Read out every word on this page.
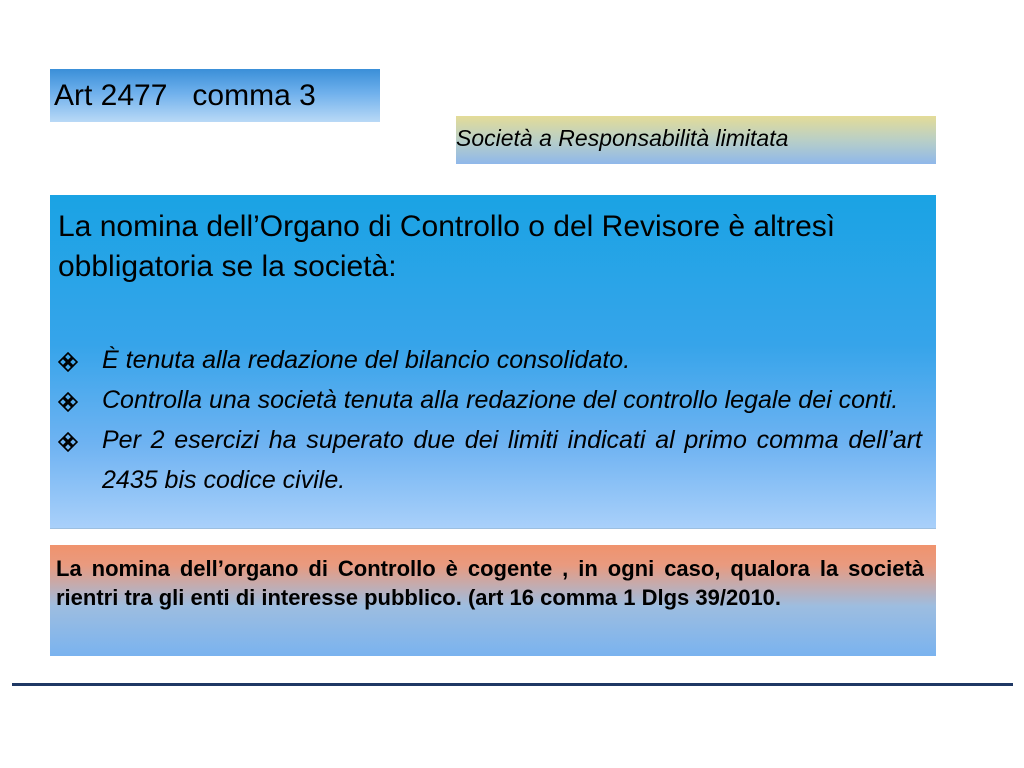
Art 2477   comma 3
Società a Responsabilità limitata

La nomina dell’Organo di Controllo o del Revisore è altresì obbligatoria se la società:

È tenuta alla redazione del bilancio consolidato.
Controlla una società tenuta alla redazione del controllo legale dei conti.
Per 2 esercizi ha superato due dei limiti indicati al primo comma dell’art 2435 bis codice civile.
La nomina dell’organo di Controllo è cogente , in ogni caso, qualora la società rientri tra gli enti di interesse pubblico. (art 16 comma 1 Dlgs 39/2010.
